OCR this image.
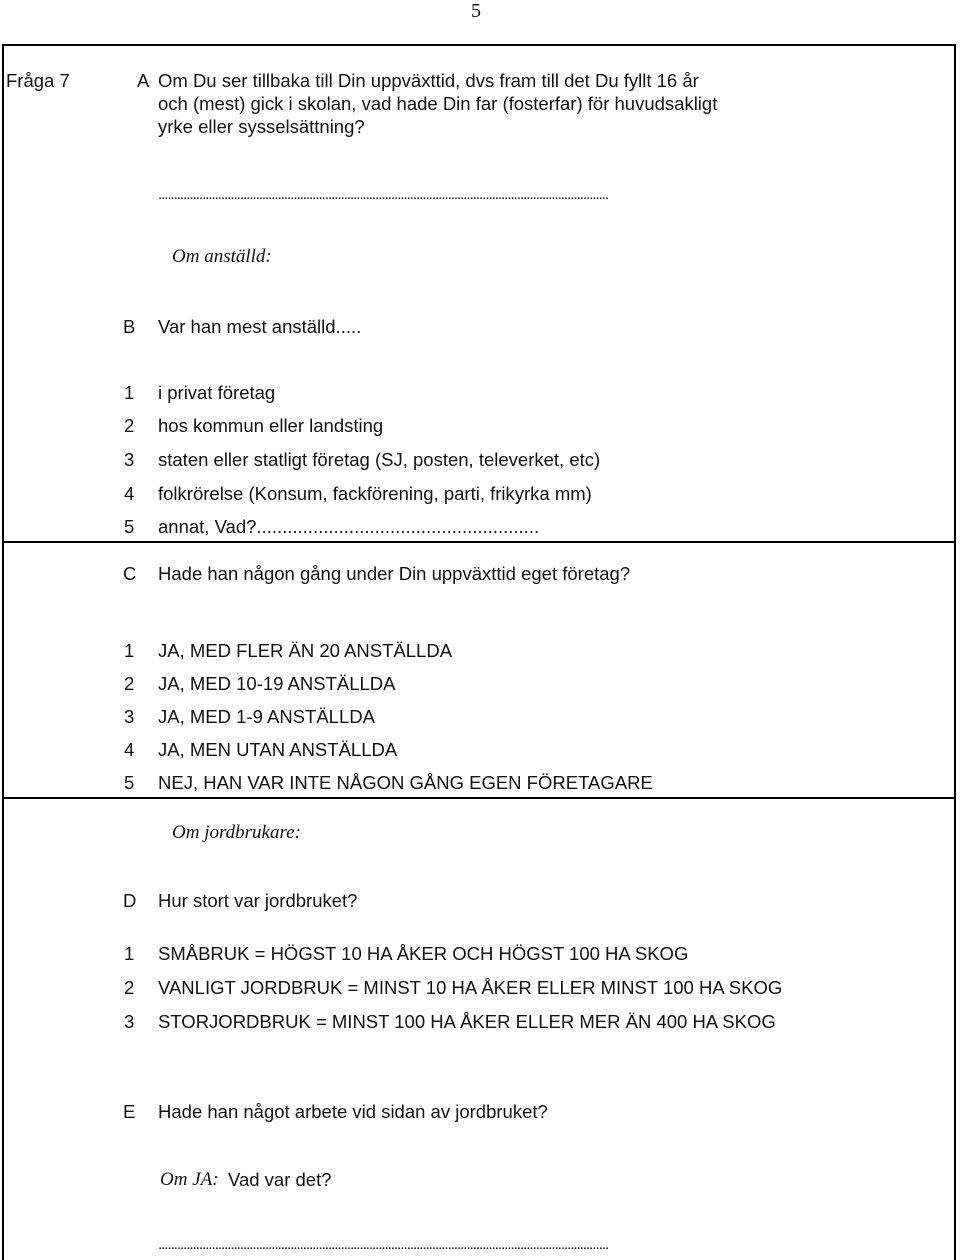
5
Fråga 7	A Om Du ser tillbaka till Din uppväxttid, dvs fram till det Du fyllt 16 år
och (mest) gick i skolan, vad hade Din far (fosterfar) för huvudsakligt
yrke eller sysselsättning?
...............................................................................................................................................
Om anställd:
B Var han mest anställd.....
1 i privat företag
2 hos kommun eller landsting
3 staten eller statligt företag (SJ, posten, televerket, etc)
4 folkrörelse (Konsum, fackförening, parti, frikyrka mm)
5 annat, Vad?.......................................................
C Hade han någon gång under Din uppväxttid eget företag?
1 JA, MED FLER ÄN 20 ANSTÄLLDA
2 JA, MED 10-19 ANSTÄLLDA
3 JA, MED 1-9 ANSTÄLLDA
4 JA, MEN UTAN ANSTÄLLDA
5 NEJ, HAN VAR INTE NÅGON GÅNG EGEN FÖRETAGARE
Om jordbrukare:
D Hur stort var jordbruket?
1 SMÅBRUK = HÖGST 10 HA ÅKER OCH HÖGST 100 HA SKOG
2 VANLIGT JORDBRUK = MINST 10 HA ÅKER ELLER MINST 100 HA SKOG
3 STORJORDBRUK = MINST 100 HA ÅKER ELLER MER ÄN 400 HA SKOG
E Hade han något arbete vid sidan av jordbruket?
Om JA: Vad var det?
...............................................................................................................................................
